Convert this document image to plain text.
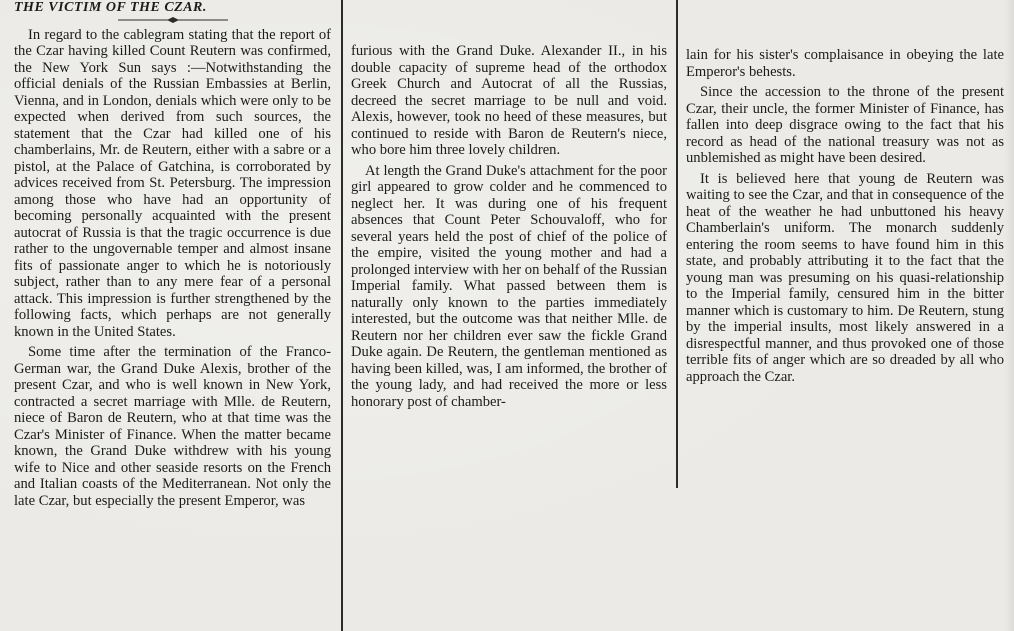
THE VICTIM OF THE CZAR.

In regard to the cablegram stating that the report of the Czar having killed Count Reutern was confirmed, the New York Sun says :—Notwithstanding the official denials of the Russian Embassies at Berlin, Vienna, and in London, denials which were only to be expected when derived from such sources, the statement that the Czar had killed one of his chamberlains, Mr. de Reutern, either with a sabre or a pistol, at the Palace of Gatchina, is corroborated by advices received from St. Petersburg. The impression among those who have had an opportunity of becoming personally acquainted with the present autocrat of Russia is that the tragic occurrence is due rather to the ungovernable temper and almost insane fits of passionate anger to which he is notoriously subject, rather than to any mere fear of a personal attack. This impression is further strengthened by the following facts, which perhaps are not generally known in the United States.

Some time after the termination of the Franco-German war, the Grand Duke Alexis, brother of the present Czar, and who is well known in New York, contracted a secret marriage with Mlle. de Reutern, niece of Baron de Reutern, who at that time was the Czar's Minister of Finance. When the matter became known, the Grand Duke withdrew with his young wife to Nice and other seaside resorts on the French and Italian coasts of the Mediterranean. Not only the late Czar, but especially the present Emperor, was

furious with the Grand Duke. Alexander II., in his double capacity of supreme head of the orthodox Greek Church and Autocrat of all the Russias, decreed the secret marriage to be null and void. Alexis, however, took no heed of these measures, but continued to reside with Baron de Reutern's niece, who bore him three lovely children.

At length the Grand Duke's attachment for the poor girl appeared to grow colder and he commenced to neglect her. It was during one of his frequent absences that Count Peter Schouvaloff, who for several years held the post of chief of the police of the empire, visited the young mother and had a prolonged interview with her on behalf of the Russian Imperial family. What passed between them is naturally only known to the parties immediately interested, but the outcome was that neither Mlle. de Reutern nor her children ever saw the fickle Grand Duke again. De Reutern, the gentleman mentioned as having been killed, was, I am informed, the brother of the young lady, and had received the more or less honorary post of chamber-

lain for his sister's complaisance in obeying the late Emperor's behests.

Since the accession to the throne of the present Czar, their uncle, the former Minister of Finance, has fallen into deep disgrace owing to the fact that his record as head of the national treasury was not as unblemished as might have been desired.

It is believed here that young de Reutern was waiting to see the Czar, and that in consequence of the heat of the weather he had unbuttoned his heavy Chamberlain's uniform. The monarch suddenly entering the room seems to have found him in this state, and probably attributing it to the fact that the young man was presuming on his quasi-relationship to the Imperial family, censured him in the bitter manner which is customary to him. De Reutern, stung by the imperial insults, most likely answered in a disrespectful manner, and thus provoked one of those terrible fits of anger which are so dreaded by all who approach the Czar.
